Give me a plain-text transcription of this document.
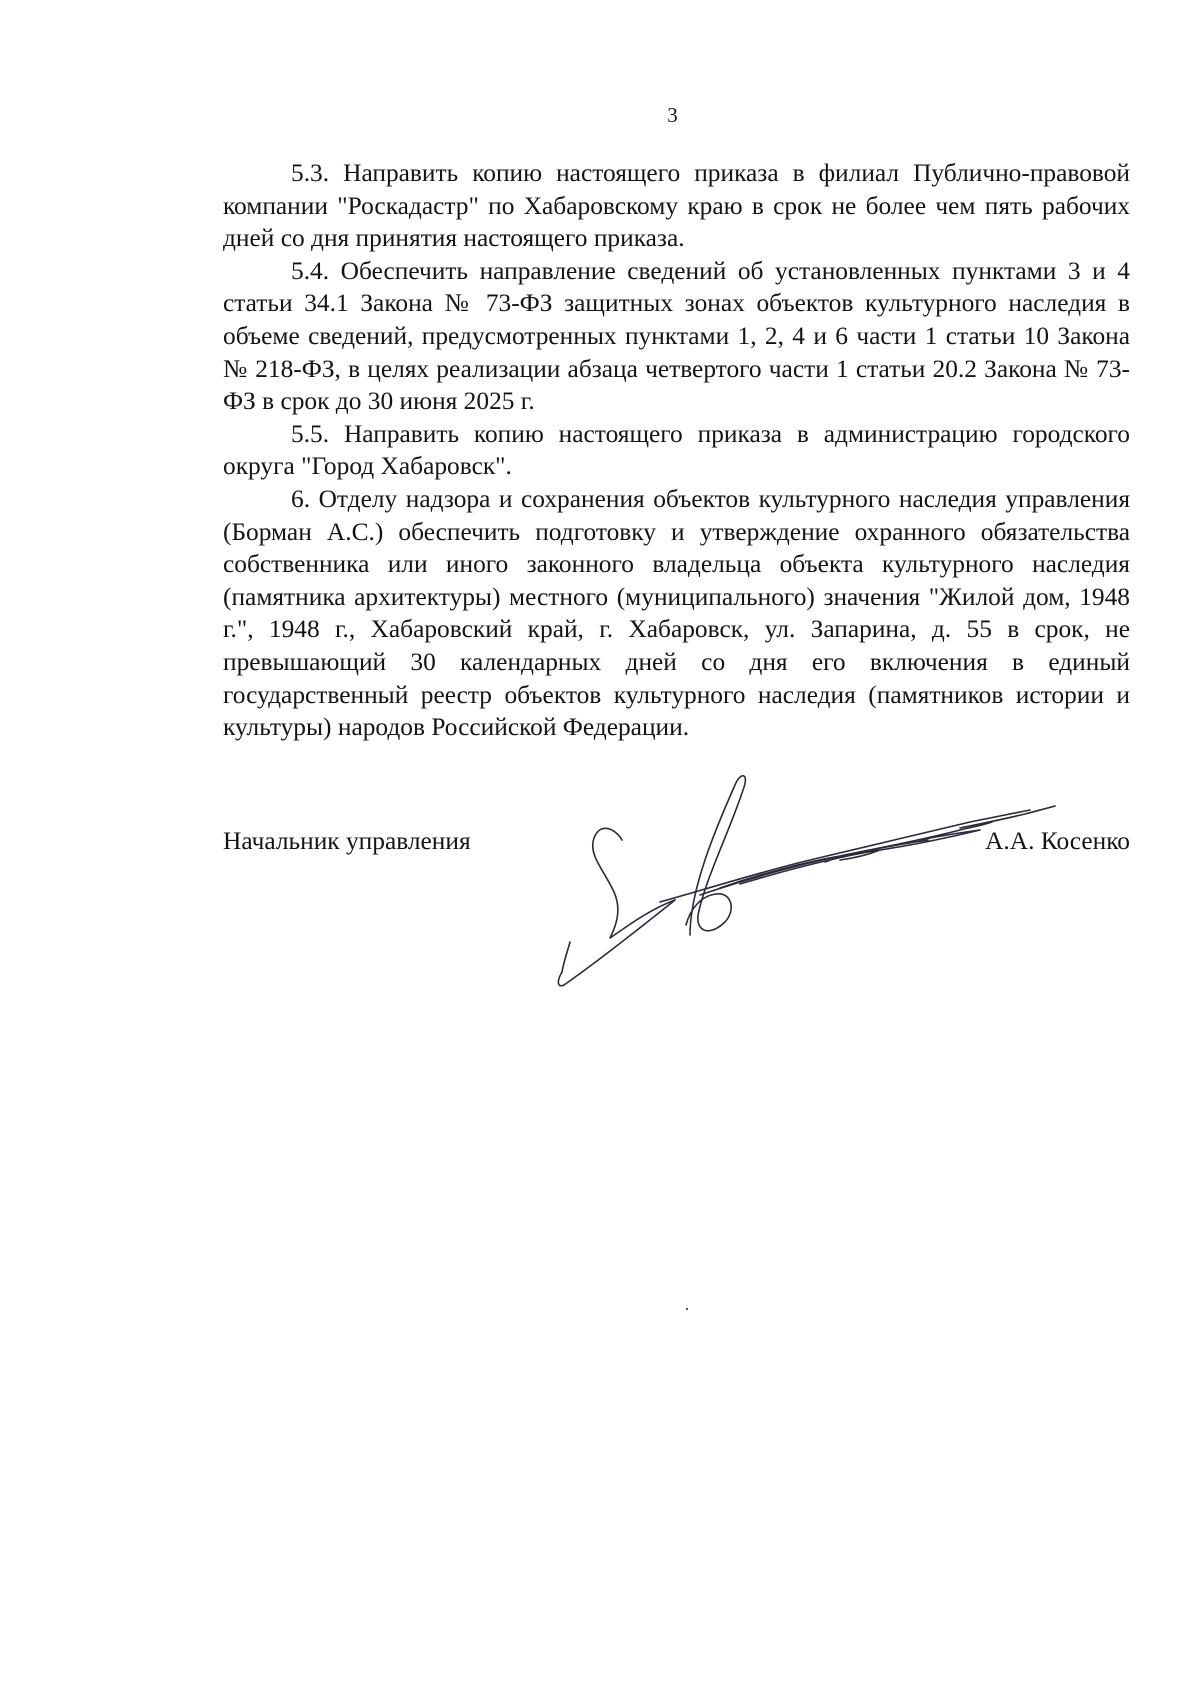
3

5.3. Направить копию настоящего приказа в филиал Публично-правовой компании "Роскадастр" по Хабаровскому краю в срок не более чем пять рабочих дней со дня принятия настоящего приказа.

5.4. Обеспечить направление сведений об установленных пунктами 3 и 4 статьи 34.1 Закона № 73-ФЗ защитных зонах объектов культурного наследия в объеме сведений, предусмотренных пунктами 1, 2, 4 и 6 части 1 статьи 10 Закона № 218-ФЗ, в целях реализации абзаца четвертого части 1 статьи 20.2 Закона № 73-ФЗ в срок до 30 июня 2025 г.

5.5. Направить копию настоящего приказа в администрацию городского округа "Город Хабаровск".

6. Отделу надзора и сохранения объектов культурного наследия управления (Борман А.С.) обеспечить подготовку и утверждение охранного обязательства собственника или иного законного владельца объекта культурного наследия (памятника архитектуры) местного (муниципального) значения "Жилой дом, 1948 г.", 1948 г., Хабаровский край, г. Хабаровск, ул. Запарина, д. 55 в срок, не превышающий 30 календарных дней со дня его включения в единый государственный реестр объектов культурного наследия (памятников истории и культуры) народов Российской Федерации.

Начальник управления	А.А. Косенко
